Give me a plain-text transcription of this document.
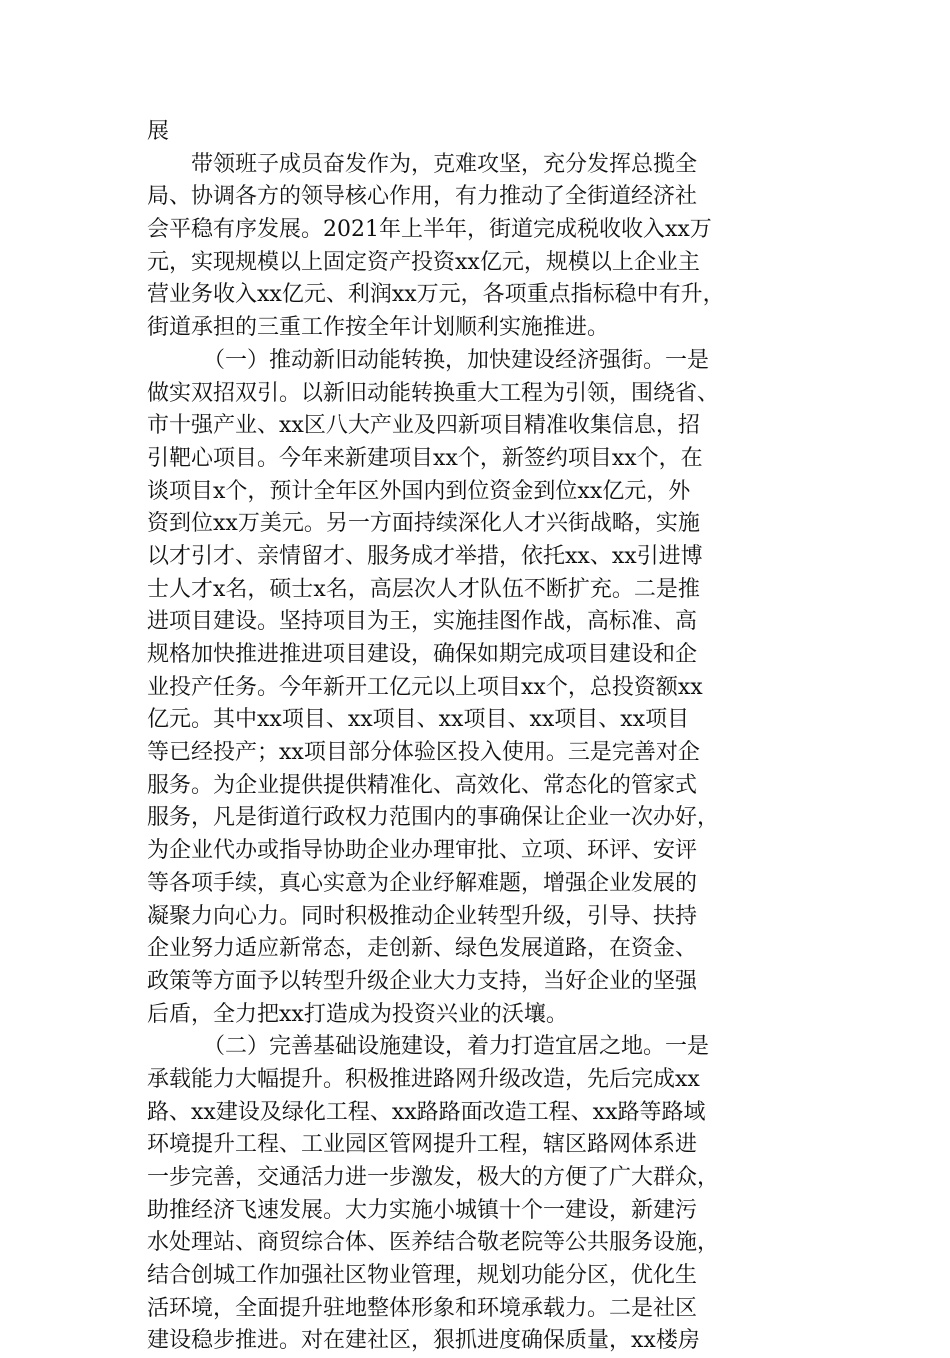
展
带领班子成员奋发作为，克难攻坚，充分发挥总揽全
局、协调各方的领导核心作用，有力推动了全街道经济社
会平稳有序发展。2021年上半年，街道完成税收收入xx万
元，实现规模以上固定资产投资xx亿元，规模以上企业主
营业务收入xx亿元、利润xx万元，各项重点指标稳中有升，
街道承担的三重工作按全年计划顺利实施推进。
（一）推动新旧动能转换，加快建设经济强街。一是
做实双招双引。以新旧动能转换重大工程为引领，围绕省、
市十强产业、xx区八大产业及四新项目精准收集信息，招
引靶心项目。今年来新建项目xx个，新签约项目xx个，在
谈项目x个，预计全年区外国内到位资金到位xx亿元，外
资到位xx万美元。另一方面持续深化人才兴街战略，实施
以才引才、亲情留才、服务成才举措，依托xx、xx引进博
士人才x名，硕士x名，高层次人才队伍不断扩充。二是推
进项目建设。坚持项目为王，实施挂图作战，高标准、高
规格加快推进推进项目建设，确保如期完成项目建设和企
业投产任务。今年新开工亿元以上项目xx个，总投资额xx
亿元。其中xx项目、xx项目、xx项目、xx项目、xx项目
等已经投产；xx项目部分体验区投入使用。三是完善对企
服务。为企业提供提供精准化、高效化、常态化的管家式
服务，凡是街道行政权力范围内的事确保让企业一次办好，
为企业代办或指导协助企业办理审批、立项、环评、安评
等各项手续，真心实意为企业纾解难题，增强企业发展的
凝聚力向心力。同时积极推动企业转型升级，引导、扶持
企业努力适应新常态，走创新、绿色发展道路，在资金、
政策等方面予以转型升级企业大力支持，当好企业的坚强
后盾，全力把xx打造成为投资兴业的沃壤。
（二）完善基础设施建设，着力打造宜居之地。一是
承载能力大幅提升。积极推进路网升级改造，先后完成xx
路、xx建设及绿化工程、xx路路面改造工程、xx路等路域
环境提升工程、工业园区管网提升工程，辖区路网体系进
一步完善，交通活力进一步激发，极大的方便了广大群众，
助推经济飞速发展。大力实施小城镇十个一建设，新建污
水处理站、商贸综合体、医养结合敬老院等公共服务设施，
结合创城工作加强社区物业管理，规划功能分区，优化生
活环境，全面提升驻地整体形象和环境承载力。二是社区
建设稳步推进。对在建社区，狠抓进度确保质量，xx楼房
